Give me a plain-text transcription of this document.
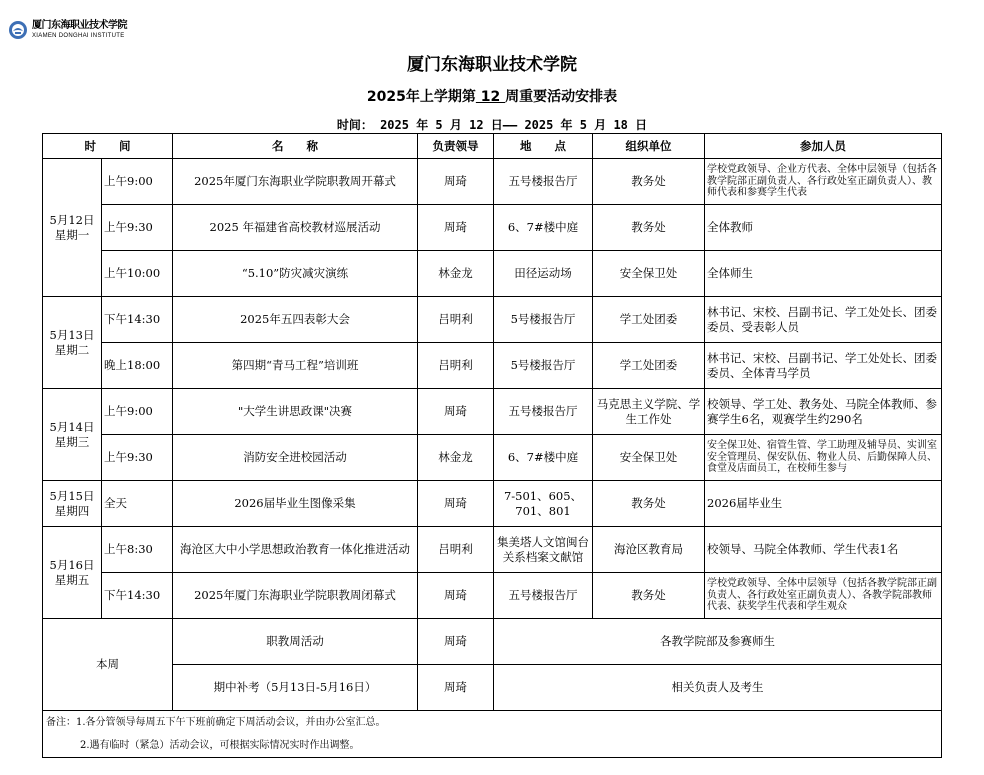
厦门东海职业技术学院
XIAMEN DONGHAI INSTITUTE
厦门东海职业技术学院
2025年上学期第 12 周重要活动安排表
时间： 2025 年 5 月 12 日—— 2025 年 5 月 18 日
时　　间		名　　称	负责领导	地　　点	组织单位	参加人员
5月12日
星期一	上午9:00	2025年厦门东海职业学院职教周开幕式	周琦	五号楼报告厅	教务处	学校党政领导、企业方代表、全体中层领导（包括各教学院部正副负责人、各行政处室正副负责人）、教师代表和参赛学生代表
	上午9:30	2025 年福建省高校教材巡展活动	周琦	6、7#楼中庭	教务处	全体教师
	上午10:00	“5.10”防灾减灾演练	林金龙	田径运动场	安全保卫处	全体师生
5月13日
星期二	下午14:30	2025年五四表彰大会	吕明利	5号楼报告厅	学工处团委	林书记、宋校、吕副书记、学工处处长、团委委员、受表彰人员
	晚上18:00	第四期“青马工程”培训班	吕明利	5号楼报告厅	学工处团委	林书记、宋校、吕副书记、学工处处长、团委委员、全体青马学员
5月14日
星期三	上午9:00	"大学生讲思政课"决赛	周琦	五号楼报告厅	马克思主义学院、学生工作处	校领导、学工处、教务处、马院全体教师、参赛学生6名，观赛学生约290名
	上午9:30	消防安全进校园活动	林金龙	6、7#楼中庭	安全保卫处	安全保卫处、宿管生管、学工助理及辅导员、实训室安全管理员、保安队伍、物业人员、后勤保障人员、食堂及店面员工，在校师生参与
5月15日
星期四	全天	2026届毕业生图像采集	周琦	7-501、605、701、801	教务处	2026届毕业生
5月16日
星期五	上午8:30	海沧区大中小学思想政治教育一体化推进活动	吕明利	集美塔人文馆闽台关系档案文献馆	海沧区教育局	校领导、马院全体教师、学生代表1名
	下午14:30	2025年厦门东海职业学院职教周闭幕式	周琦	五号楼报告厅	教务处	学校党政领导、全体中层领导（包括各教学院部正副负责人、各行政处室正副负责人）、各教学院部教师代表、获奖学生代表和学生观众
本周		职教周活动	周琦	各教学院部及参赛师生		
		期中补考（5月13日-5月16日）	周琦	相关负责人及考生		

备注：1.各分管领导每周五下午下班前确定下周活动会议，并由办公室汇总。
2.遇有临时（紧急）活动会议，可根据实际情况实时作出调整。						
